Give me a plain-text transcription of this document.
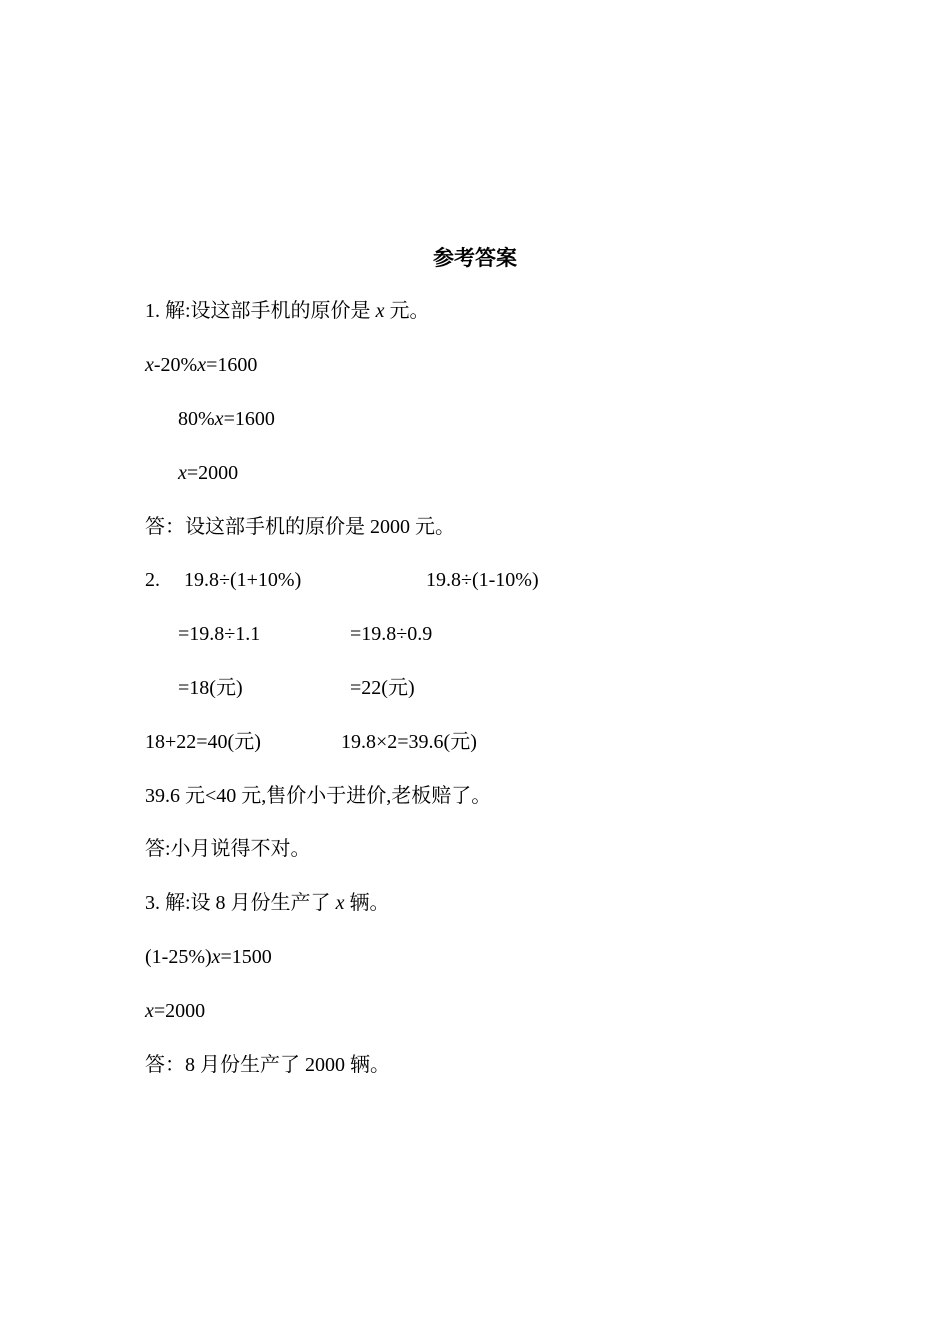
参考答案
1. 解:设这部手机的原价是 x 元。
x-20%x=1600
80%x=1600
x=2000
答：设这部手机的原价是 2000 元。

2.

19.8÷(1+10%)

	19.8÷(1-10%)

=19.8÷1.1

	=19.8÷0.9

=18(元)

	=22(元)

18+22=40(元)

	19.8×2=39.6(元)

39.6 元<40 元,售价小于进价,老板赔了。
答:小月说得不对。
3. 解:设 8 月份生产了 x 辆。
(1-25%)x=1500
x=2000
答：8 月份生产了 2000 辆。
